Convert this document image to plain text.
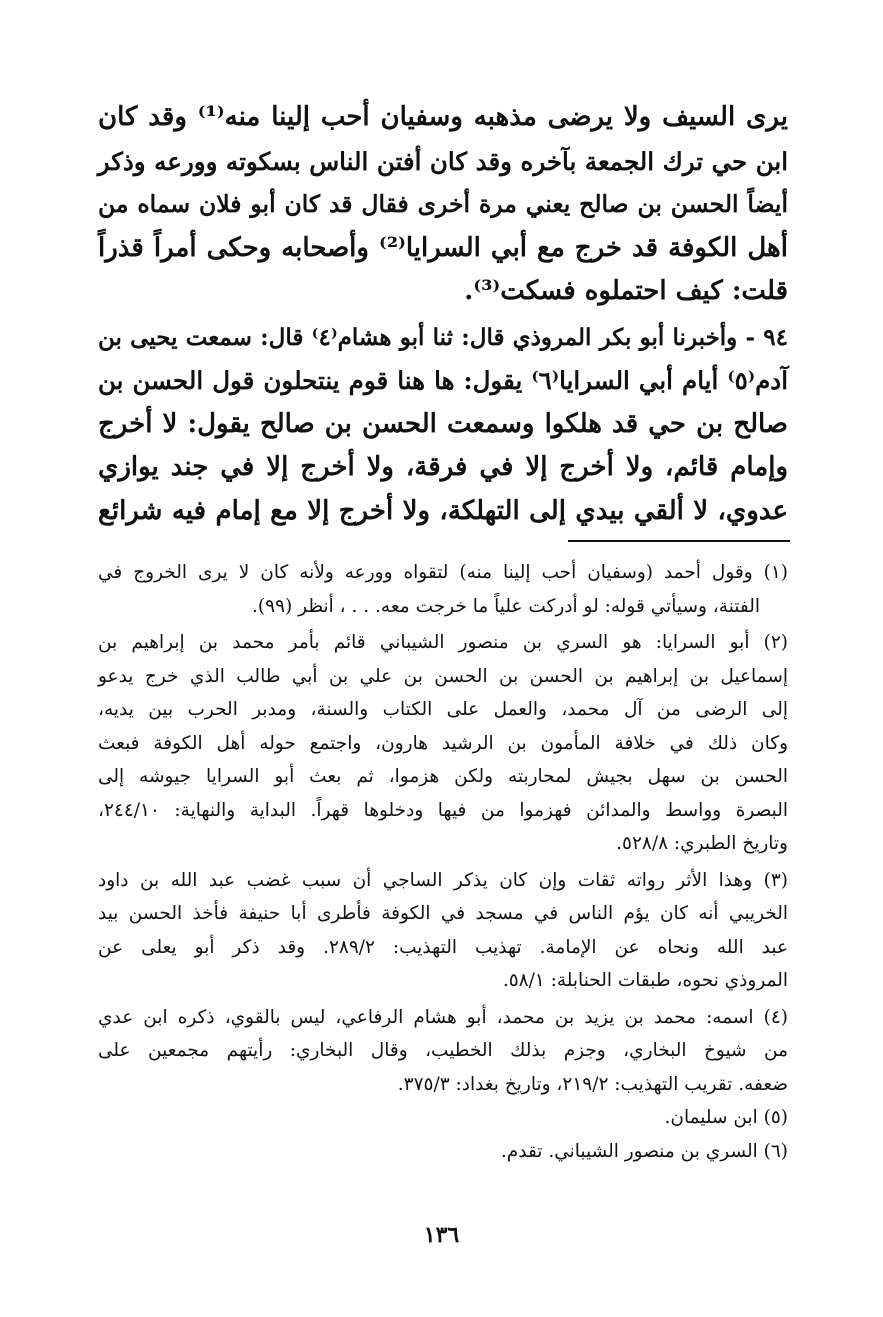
يرى السيف ولا يرضى مذهبه وسفيان أحب إلينا منه⁽¹⁾ وقد كان
ابن حي ترك الجمعة بآخره وقد كان أفتن الناس بسكوته وورعه وذكر
أيضاً الحسن بن صالح يعني مرة أخرى فقال قد كان أبو فلان سماه من
أهل الكوفة قد خرج مع أبي السرايا⁽²⁾ وأصحابه وحكى أمراً قذراً
قلت: كيف احتملوه فسكت⁽³⁾.
٩٤ - وأخبرنا أبو بكر المروذي قال: ثنا أبو هشام⁽٤⁾ قال: سمعت يحيى بن
آدم⁽٥⁾ أيام أبي السرايا⁽٦⁾ يقول: ها هنا قوم ينتحلون قول الحسن بن
صالح بن حي قد هلكوا وسمعت الحسن بن صالح يقول: لا أخرج
وإمام قائم، ولا أخرج إلا في فرقة، ولا أخرج إلا في جند يوازي
عدوي، لا ألقي بيدي إلى التهلكة، ولا أخرج إلا مع إمام فيه شرائع
(١) وقول أحمد (وسفيان أحب إلينا منه) لتقواه وورعه ولأنه كان لا يرى الخروج في
الفتنة، وسيأتي قوله: لو أدركت علياً ما خرجت معه. . . ، أنظر (٩٩).
(٢) أبو السرايا: هو السري بن منصور الشيباني قائم بأمر محمد بن إبراهيم بن
إسماعيل بن إبراهيم بن الحسن بن الحسن بن علي بن أبي طالب الذي خرج يدعو
إلى الرضى من آل محمد، والعمل على الكتاب والسنة، ومدبر الحرب بين يديه،
وكان ذلك في خلافة المأمون بن الرشيد هارون، واجتمع حوله أهل الكوفة فبعث
الحسن بن سهل بجيش لمحاربته ولكن هزموا، ثم بعث أبو السرايا جيوشه إلى
البصرة وواسط والمدائن فهزموا من فيها ودخلوها قهراً. البداية والنهاية: ٢٤٤/١٠،
وتاريخ الطبري: ٥٢٨/٨.
(٣) وهذا الأثر رواته ثقات وإن كان يذكر الساجي أن سبب غضب عبد الله بن داود
الخريبي أنه كان يؤم الناس في مسجد في الكوفة فأطرى أبا حنيفة فأخذ الحسن بيد
عبد الله ونحاه عن الإمامة. تهذيب التهذيب: ٢٨٩/٢. وقد ذكر أبو يعلى عن
المروذي نحوه، طبقات الحنابلة: ٥٨/١.
(٤) اسمه: محمد بن يزيد بن محمد، أبو هشام الرفاعي، ليس بالقوي، ذكره ابن عدي
من شيوخ البخاري، وجزم بذلك الخطيب، وقال البخاري: رأيتهم مجمعين على
ضعفه. تقريب التهذيب: ٢١٩/٢، وتاريخ بغداد: ٣٧٥/٣.
(٥) ابن سليمان.
(٦) السري بن منصور الشيباني. تقدم.
١٣٦
